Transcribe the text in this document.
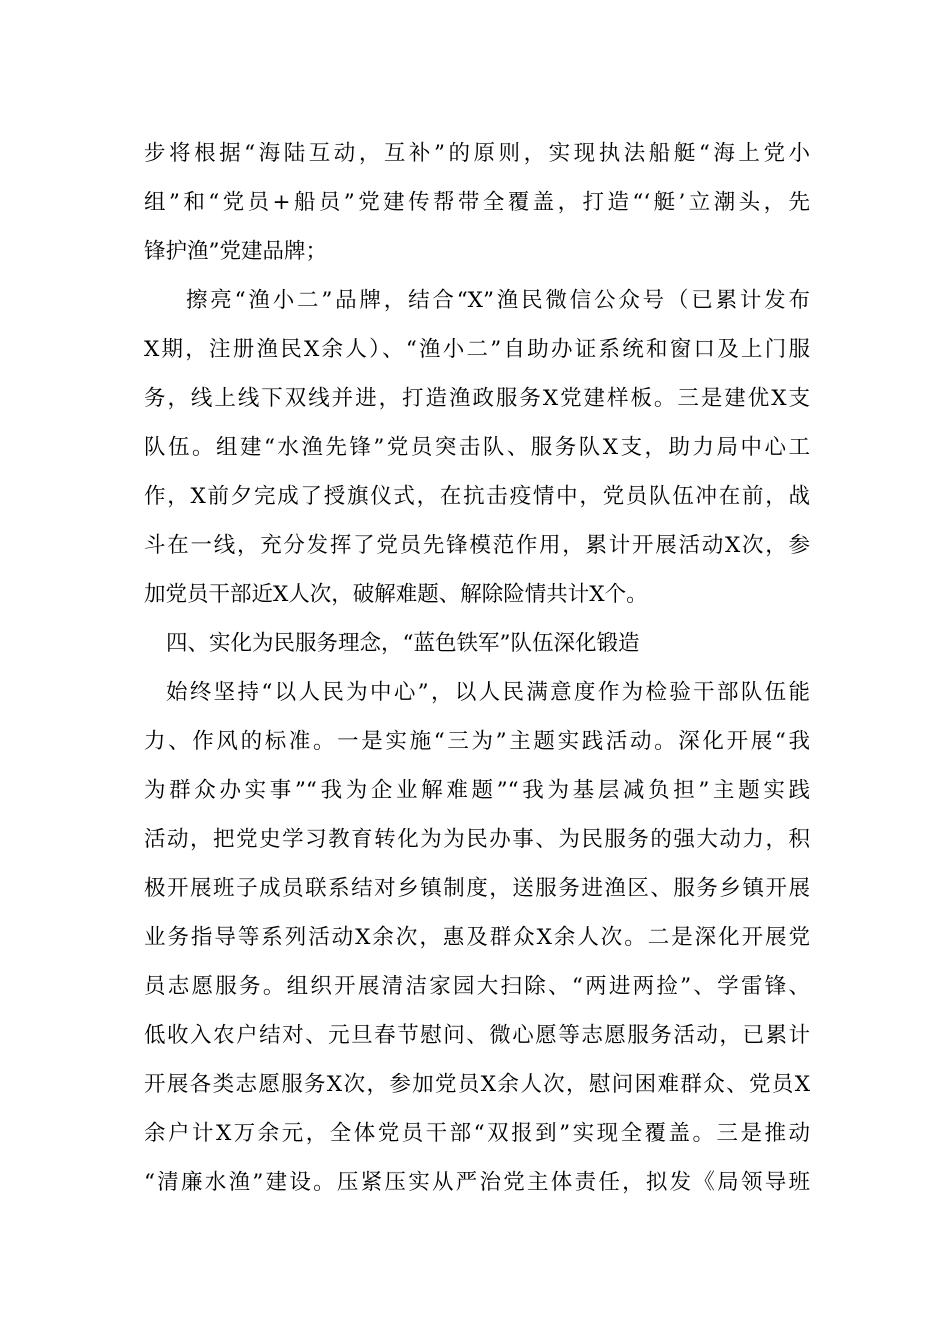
步将根据“海陆互动，互补”的原则，实现执法船艇“海上党小
组”和“党员+船员”党建传帮带全覆盖，打造“‘艇’立潮头，先
锋护渔”党建品牌；
擦亮“渔小二”品牌，结合“X”渔民微信公众号（已累计发布
X期，注册渔民X余人）、“渔小二”自助办证系统和窗口及上门服
务，线上线下双线并进，打造渔政服务X党建样板。三是建优X支
队伍。组建“水渔先锋”党员突击队、服务队X支，助力局中心工
作，X前夕完成了授旗仪式，在抗击疫情中，党员队伍冲在前，战
斗在一线，充分发挥了党员先锋模范作用，累计开展活动X次，参
加党员干部近X人次，破解难题、解除险情共计X个。
四、实化为民服务理念，“蓝色铁军”队伍深化锻造
始终坚持“以人民为中心”，以人民满意度作为检验干部队伍能
力、作风的标准。一是实施“三为”主题实践活动。深化开展“我
为群众办实事”“我为企业解难题”“我为基层减负担”主题实践
活动，把党史学习教育转化为为民办事、为民服务的强大动力，积
极开展班子成员联系结对乡镇制度，送服务进渔区、服务乡镇开展
业务指导等系列活动X余次，惠及群众X余人次。二是深化开展党
员志愿服务。组织开展清洁家园大扫除、“两进两捡”、学雷锋、
低收入农户结对、元旦春节慰问、微心愿等志愿服务活动，已累计
开展各类志愿服务X次，参加党员X余人次，慰问困难群众、党员X
余户计X万余元，全体党员干部“双报到”实现全覆盖。三是推动
“清廉水渔”建设。压紧压实从严治党主体责任，拟发《局领导班
